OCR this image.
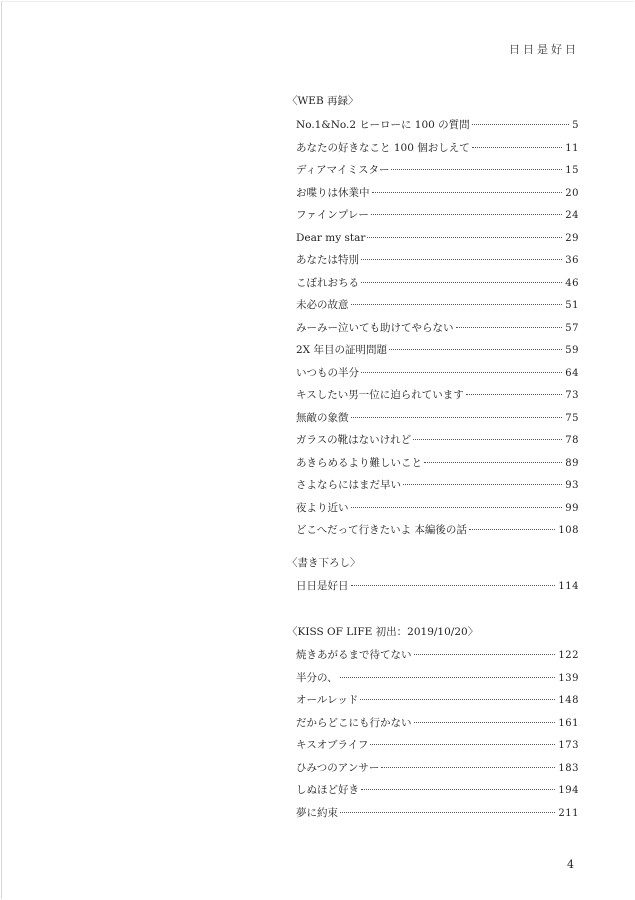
日日是好日
〈WEB 再録〉
No.1&No.2 ヒーローに 100 の質問	5
あなたの好きなこと 100 個おしえて	11
ディアマイミスター	15
お喋りは休業中	20
ファインプレー	24
Dear my star	29
あなたは特別	36
こぼれおちる	46
未必の故意	51
みーみー泣いても助けてやらない	57
2X 年目の証明問題	59
いつもの半分	64
キスしたい男一位に迫られています	73
無敵の象徴	75
ガラスの靴はないけれど	78
あきらめるより難しいこと	89
さよならにはまだ早い	93
夜より近い	99
どこへだって行きたいよ 本編後の話	108
〈書き下ろし〉
日日是好日	114
〈KISS OF LIFE 初出：2019/10/20〉
焼きあがるまで待てない	122
半分の、	139
オールレッド	148
だからどこにも行かない	161
キスオブライフ	173
ひみつのアンサー	183
しぬほど好き	194
夢に約束	211
4
